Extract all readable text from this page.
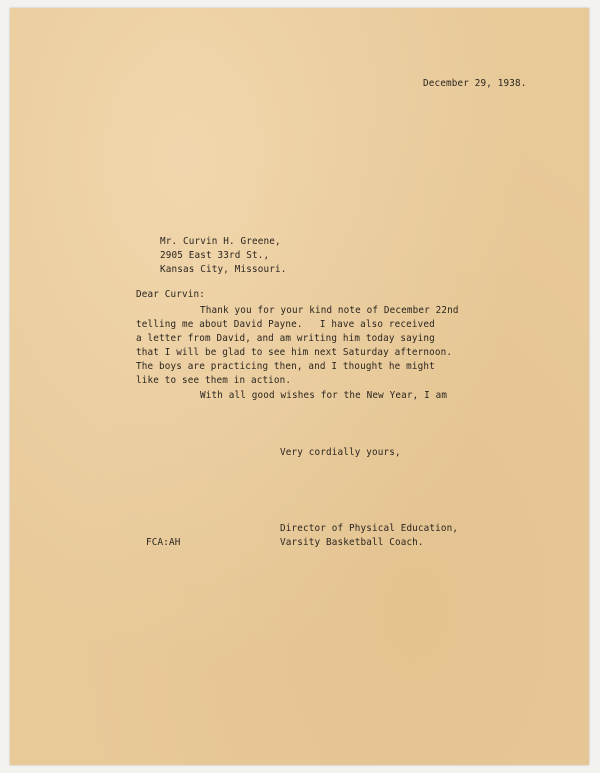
December 29, 1938.
Mr. Curvin H. Greene,
2905 East 33rd St.,
Kansas City, Missouri.
Dear Curvin:
Thank you for your kind note of December 22nd
telling me about David Payne.   I have also received
a letter from David, and am writing him today saying
that I will be glad to see him next Saturday afternoon.
The boys are practicing then, and I thought he might
like to see them in action.
With all good wishes for the New Year, I am
Very cordially yours,
Director of Physical Education,
Varsity Basketball Coach.
FCA:AH
